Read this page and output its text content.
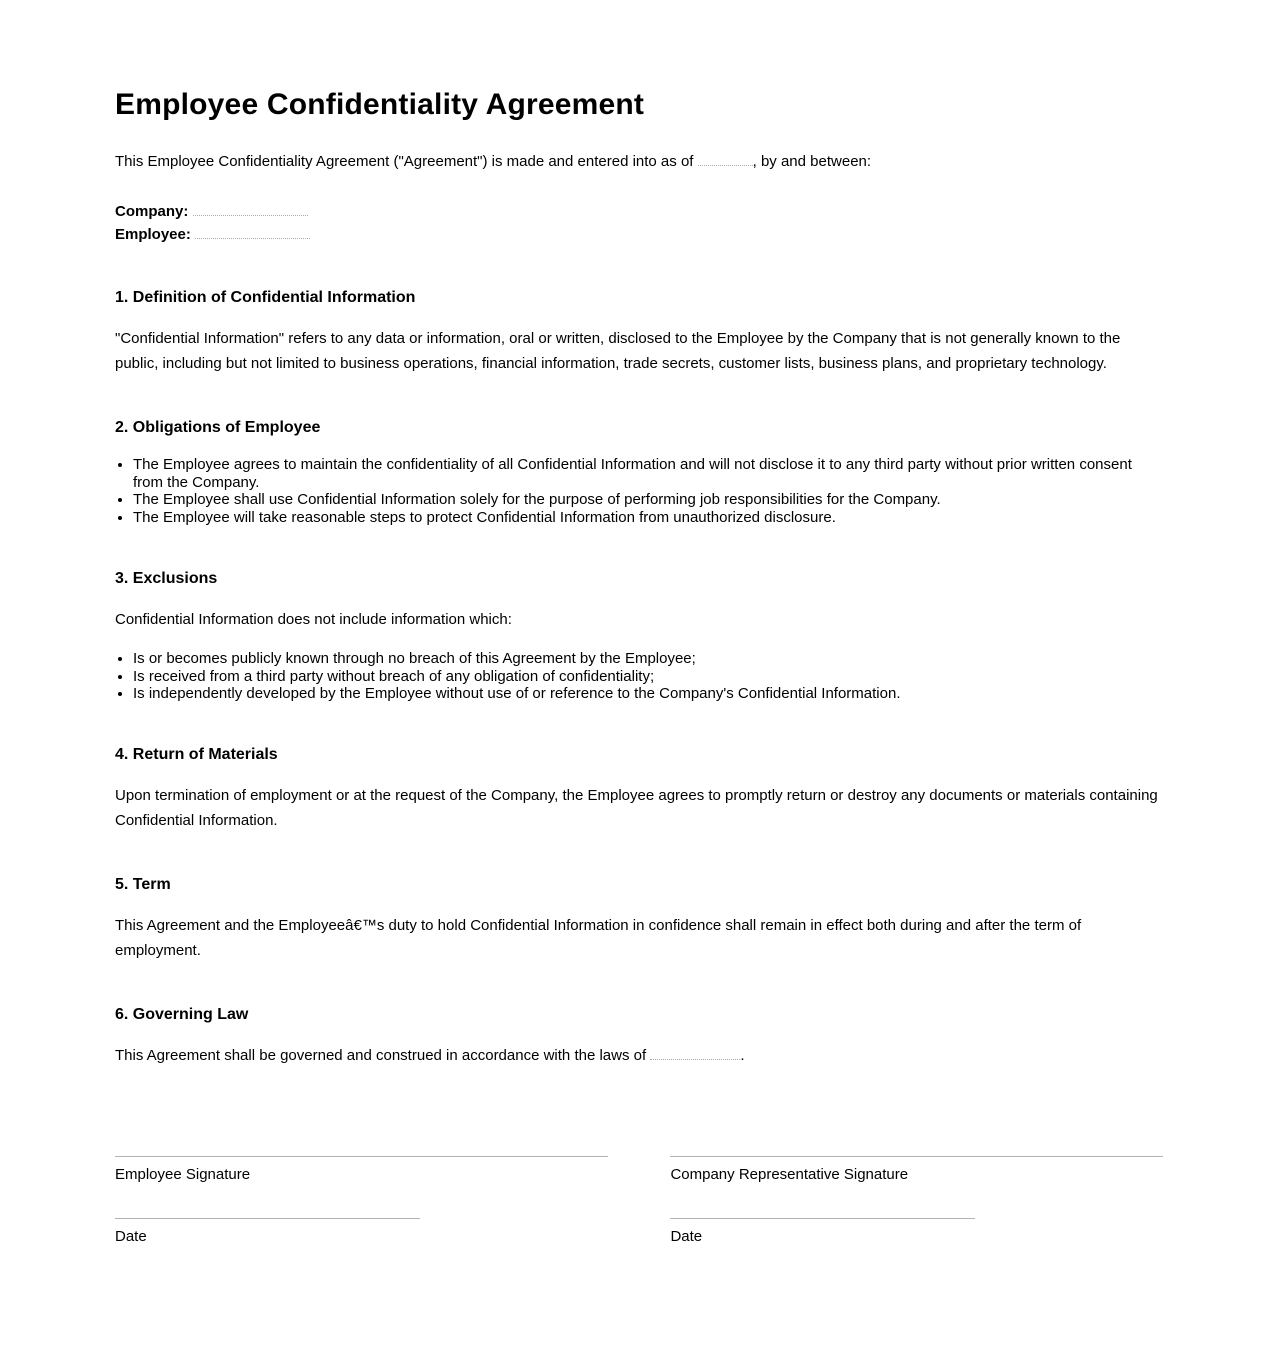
Employee Confidentiality Agreement

This Employee Confidentiality Agreement ("Agreement") is made and entered into as of	, by and between:

Company:
Employee:

1. Definition of Confidential Information

"Confidential Information" refers to any data or information, oral or written, disclosed to the Employee by the Company that is not generally known to the public, including but not limited to business operations, financial information, trade secrets, customer lists, business plans, and proprietary technology.

2. Obligations of Employee
• The Employee agrees to maintain the confidentiality of all Confidential Information and will not disclose it to any third party without prior written consent from the Company.
• The Employee shall use Confidential Information solely for the purpose of performing job responsibilities for the Company.
• The Employee will take reasonable steps to protect Confidential Information from unauthorized disclosure.
3. Exclusions

Confidential Information does not include information which:

• Is or becomes publicly known through no breach of this Agreement by the Employee;
• Is received from a third party without breach of any obligation of confidentiality;
• Is independently developed by the Employee without use of or reference to the Company's Confidential Information.
4. Return of Materials

Upon termination of employment or at the request of the Company, the Employee agrees to promptly return or destroy any documents or materials containing Confidential Information.

5. Term

This Agreement and the Employeeâ€™s duty to hold Confidential Information in confidence shall remain in effect both during and after the term of employment.

6. Governing Law

This Agreement shall be governed and construed in accordance with the laws of	.

Employee Signature
Date
Company Representative Signature
Date
